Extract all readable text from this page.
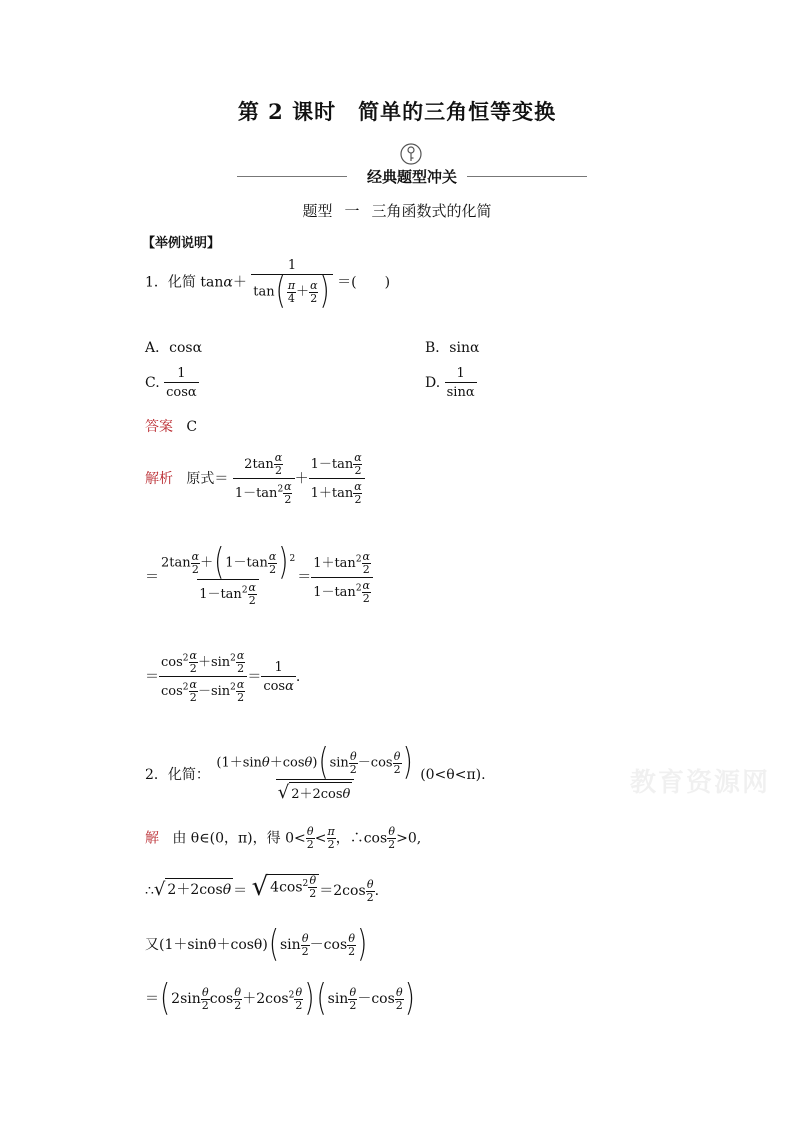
第 2 课时 简单的三角恒等变换
经典题型冲关
题型 一 三角函数式的化简
【举例说明】
1．化简 $\tan\alpha+ \frac{1}{\tan( \frac{\pi}{4} + \frac{\alpha}{2} )}$ ＝(　　)
A．cosα	B．sinα
C. $\frac{1}{\cos\alpha}$	D. $\frac{1}{\sin\alpha}$
答案 C
解析 原式＝ $\frac{2\tan \frac{\alpha}{2}}{1-\tan^2 \frac{\alpha}{2}} + \frac{1-\tan \frac{\alpha}{2}}{1+\tan \frac{\alpha}{2}}$
＝ $\frac{2\tan \frac{\alpha}{2} +(1-\tan \frac{\alpha}{2} )^2}{1-\tan^2 \frac{\alpha}{2}} = \frac{1+\tan^2 \frac{\alpha}{2}}{1-\tan^2 \frac{\alpha}{2}}$
＝ $\frac{\cos^2 \frac{\alpha}{2} +\sin^2 \frac{\alpha}{2}}{\cos^2 \frac{\alpha}{2} -\sin^2 \frac{\alpha}{2}} = \frac{1}{\cos\alpha}$ .
2．化简： $\frac{(1+\sin\theta+\cos\theta)(\sin \frac{\theta}{2} -\cos \frac{\theta}{2} )}{√ 2+2\cos\theta} (0<\theta<\pi)$.
解 由 θ∈(0，π)，得 $0< \frac{\theta}{2} < \frac{\pi}{2}$ ，∴cos $\frac{\theta}{2} >0$,
∴ √ 2＋2cosθ ＝ √ $4\cos^2 \frac{\theta}{2} =2\cos \frac{\theta}{2}$ .
又$(1+\sin\theta+\cos\theta)(\sin \frac{\theta}{2} -\cos \frac{\theta}{2}$ )
$=(2\sin \frac{\theta}{2}$ $\cos \frac{\theta}{2} +2\cos^2 \frac{\theta}{2} )(\sin \frac{\theta}{2} -\cos \frac{\theta}{2}$ )
教育资源网
